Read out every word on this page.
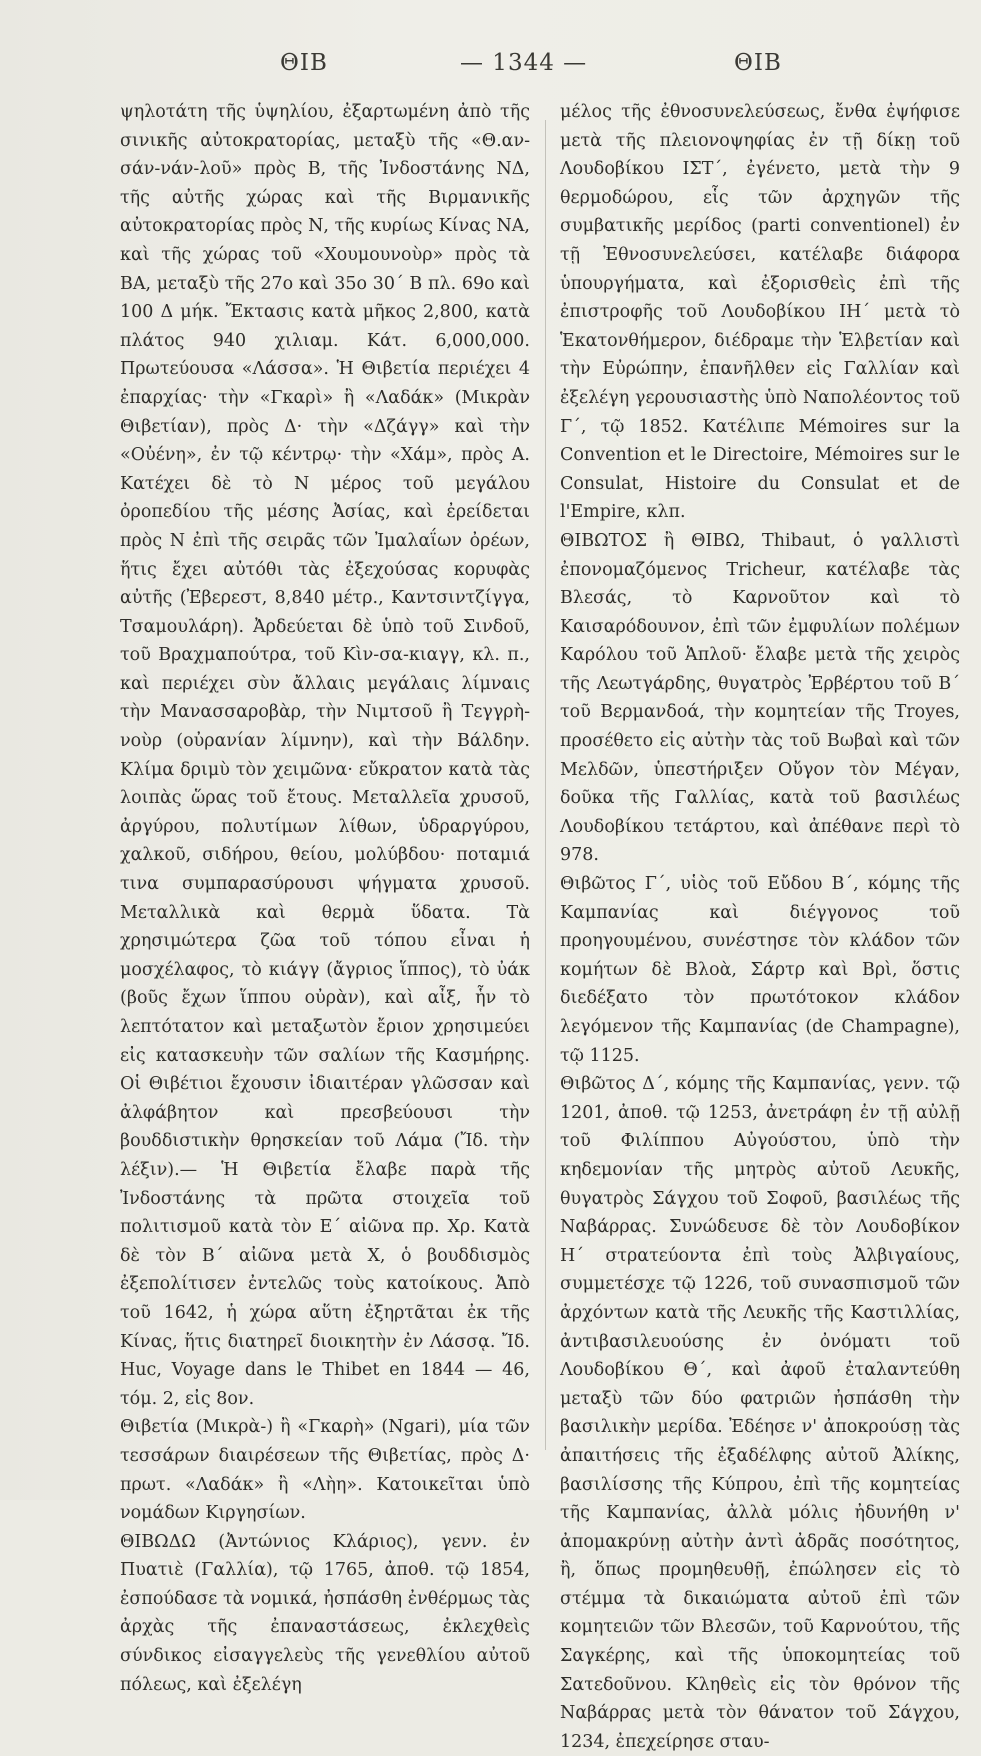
ΘΙΒ	— 1344 —	ΘΙΒ

ψηλοτάτη τῆς ὑψηλίου, ἐξαρτωμένη ἀπὸ τῆς σινικῆς αὐτοκρατορίας, μεταξὺ τῆς «Θ.αν-σάν-νάν-λοῦ» πρὸς Β, τῆς Ἰνδοστάνης ΝΔ, τῆς αὐτῆς χώρας καὶ τῆς Βιρμανικῆς αὐτοκρατορίας πρὸς Ν, τῆς κυρίως Κίνας ΝΑ, καὶ τῆς χώρας τοῦ «Χουμουνοὺρ» πρὸς τὰ ΒΑ, μεταξὺ τῆς 27ο καὶ 35ο 30΄ Β πλ. 69ο καὶ 100 Δ μήκ. Ἔκτασις κατὰ μῆκος 2,800, κατὰ πλάτος 940 χιλιαμ. Κάτ. 6,000,000. Πρωτεύουσα «Λάσσα». Ἡ Θιβετία περιέχει 4 ἐπαρχίας· τὴν «Γκαρὶ» ἢ «Λαδάκ» (Μικρὰν Θιβετίαν), πρὸς Δ· τὴν «Δζάγγ» καὶ τὴν «Οὐένη», ἐν τῷ κέντρῳ· τὴν «Χάμ», πρὸς Α. Κατέχει δὲ τὸ Ν μέρος τοῦ μεγάλου ὀροπεδίου τῆς μέσης Ἀσίας, καὶ ἐρείδεται πρὸς Ν ἐπὶ τῆς σειρᾶς τῶν Ἰμαλαΐων ὀρέων, ἥτις ἔχει αὐτόθι τὰς ἐξεχούσας κορυφὰς αὐτῆς (Ἐβερεστ, 8,840 μέτρ., Καντσιντζίγγα, Τσαμουλάρη). Ἀρδεύεται δὲ ὑπὸ τοῦ Σινδοῦ, τοῦ Βραχμαπούτρα, τοῦ Κὶν-σα-κιαγγ, κλ. π., καὶ περιέχει σὺν ἄλλαις μεγάλαις λίμναις τὴν Μανασσαροβὰρ, τὴν Νιμτσοῦ ἢ Τεγγρὴ-νοὺρ (οὐρανίαν λίμνην), καὶ τὴν Βάλδην. Κλίμα δριμὺ τὸν χειμῶνα· εὔκρατον κατὰ τὰς λοιπὰς ὥρας τοῦ ἔτους. Μεταλλεῖα χρυσοῦ, ἀργύρου, πολυτίμων λίθων, ὑδραργύρου, χαλκοῦ, σιδήρου, θείου, μολύβδου· ποταμιά τινα συμπαρασύρουσι ψήγματα χρυσοῦ. Μεταλλικὰ καὶ θερμὰ ὕδατα. Τὰ χρησιμώτερα ζῶα τοῦ τόπου εἶναι ἡ μοσχέλαφος, τὸ κιάγγ (ἄγριος ἵππος), τὸ ὐάκ (βοῦς ἔχων ἵππου οὐρὰν), καὶ αἶξ, ἧν τὸ λεπτότατον καὶ μεταξωτὸν ἔριον χρησιμεύει εἰς κατασκευὴν τῶν σαλίων τῆς Κασμήρης. Οἱ Θιβέτιοι ἔχουσιν ἰδιαιτέραν γλῶσσαν καὶ ἀλφάβητον καὶ πρεσβεύουσι τὴν βουδδιστικὴν θρησκείαν τοῦ Λάμα (Ἴδ. τὴν λέξιν).— Ἡ Θιβετία ἔλαβε παρὰ τῆς Ἰνδοστάνης τὰ πρῶτα στοιχεῖα τοῦ πολιτισμοῦ κατὰ τὸν Ε΄ αἰῶνα πρ. Χρ. Κατὰ δὲ τὸν Β΄ αἰῶνα μετὰ Χ, ὁ βουδδισμὸς ἐξεπολίτισεν ἐντελῶς τοὺς κατοίκους. Ἀπὸ τοῦ 1642, ἡ χώρα αὕτη ἐξηρτᾶται ἐκ τῆς Κίνας, ἥτις διατηρεῖ διοικητὴν ἐν Λάσσᾳ. Ἴδ. Huc, Voyage dans le Thibet en 1844 — 46, τόμ. 2, εἰς 8ον.

Θιβετία (Μικρὰ-) ἢ «Γκαρὴ» (Ngari), μία τῶν τεσσάρων διαιρέσεων τῆς Θιβετίας, πρὸς Δ· πρωτ. «Λαδάκ» ἢ «Λὴη». Κατοικεῖται ὑπὸ νομάδων Κιργησίων.

ΘΙΒΩΔΩ (Ἀντώνιος Κλάριος), γενν. ἐν Πυατιὲ (Γαλλία), τῷ 1765, ἀποθ. τῷ 1854, ἐσπούδασε τὰ νομικά, ἠσπάσθη ἐνθέρμως τὰς ἀρχὰς τῆς ἐπαναστάσεως, ἐκλεχθεὶς σύνδικος εἰσαγγελεὺς τῆς γενεθλίου αὐτοῦ πόλεως, καὶ ἐξελέγη

μέλος τῆς ἐθνοσυνελεύσεως, ἔνθα ἐψήφισε μετὰ τῆς πλειονοψηφίας ἐν τῇ δίκῃ τοῦ Λουδοβίκου ΙΣΤ΄, ἐγένετο, μετὰ τὴν 9 θερμοδώρου, εἷς τῶν ἀρχηγῶν τῆς συμβατικῆς μερίδος (parti conventionel) ἐν τῇ Ἐθνοσυνελεύσει, κατέλαβε διάφορα ὑπουργήματα, καὶ ἐξορισθεὶς ἐπὶ τῆς ἐπιστροφῆς τοῦ Λουδοβίκου ΙΗ΄ μετὰ τὸ Ἑκατονθήμερον, διέδραμε τὴν Ἑλβετίαν καὶ τὴν Εὐρώπην, ἐπανῆλθεν εἰς Γαλλίαν καὶ ἐξελέγη γερουσιαστὴς ὑπὸ Ναπολέοντος τοῦ Γ΄, τῷ 1852. Κατέλιπε Mémoires sur la Convention et le Directoire, Mémoires sur le Consulat, Histoire du Consulat et de l'Empire, κλπ.

ΘΙΒΩΤΟΣ ἢ ΘΙΒΩ, Thibaut, ὁ γαλλιστὶ ἐπονομαζόμενος Tricheur, κατέλαβε τὰς Βλεσάς, τὸ Καρνοῦτον καὶ τὸ Καισαρόδουνον, ἐπὶ τῶν ἐμφυλίων πολέμων Καρόλου τοῦ Ἁπλοῦ· ἔλαβε μετὰ τῆς χειρὸς τῆς Λεωτγάρδης, θυγατρὸς Ἐρβέρτου τοῦ Β΄ τοῦ Βερμανδοά, τὴν κομητείαν τῆς Troyes, προσέθετο εἰς αὐτὴν τὰς τοῦ Βωβαὶ καὶ τῶν Μελδῶν, ὑπεστήριξεν Οὔγον τὸν Μέγαν, δοῦκα τῆς Γαλλίας, κατὰ τοῦ βασιλέως Λουδοβίκου τετάρτου, καὶ ἀπέθανε περὶ τὸ 978.

Θιβῶτος Γ΄, υἱὸς τοῦ Εὔδου Β΄, κόμης τῆς Καμπανίας καὶ διέγγονος τοῦ προηγουμένου, συνέστησε τὸν κλάδον τῶν κομήτων δὲ Βλοὰ, Σάρτρ καὶ Βρὶ, ὅστις διεδέξατο τὸν πρωτότοκον κλάδον λεγόμενον τῆς Καμπανίας (de Champagne), τῷ 1125.

Θιβῶτος Δ΄, κόμης τῆς Καμπανίας, γενν. τῷ 1201, ἀποθ. τῷ 1253, ἀνετράφη ἐν τῇ αὐλῇ τοῦ Φιλίππου Αὐγούστου, ὑπὸ τὴν κηδεμονίαν τῆς μητρὸς αὐτοῦ Λευκῆς, θυγατρὸς Σάγχου τοῦ Σοφοῦ, βασιλέως τῆς Ναβάρρας. Συνώδευσε δὲ τὸν Λουδοβίκον Η΄ στρατεύοντα ἐπὶ τοὺς Ἀλβιγαίους, συμμετέσχε τῷ 1226, τοῦ συνασπισμοῦ τῶν ἀρχόντων κατὰ τῆς Λευκῆς τῆς Καστιλλίας, ἀντιβασιλευούσης ἐν ὀνόματι τοῦ Λουδοβίκου Θ΄, καὶ ἀφοῦ ἐταλαντεύθη μεταξὺ τῶν δύο φατριῶν ἠσπάσθη τὴν βασιλικὴν μερίδα. Ἐδέησε ν' ἀποκρούσῃ τὰς ἀπαιτήσεις τῆς ἐξαδέλφης αὐτοῦ Ἀλίκης, βασιλίσσης τῆς Κύπρου, ἐπὶ τῆς κομητείας τῆς Καμπανίας, ἀλλὰ μόλις ἠδυνήθη ν' ἀπομακρύνῃ αὐτὴν ἀντὶ ἀδρᾶς ποσότητος, ἢ, ὅπως προμηθευθῇ, ἐπώλησεν εἰς τὸ στέμμα τὰ δικαιώματα αὐτοῦ ἐπὶ τῶν κομητειῶν τῶν Βλεσῶν, τοῦ Καρνούτου, τῆς Σαγκέρης, καὶ τῆς ὑποκομητείας τοῦ Σατεδοῦνου. Κληθεὶς εἰς τὸν θρόνον τῆς Ναβάρρας μετὰ τὸν θάνατον τοῦ Σάγχου, 1234, ἐπεχείρησε σταυ-
